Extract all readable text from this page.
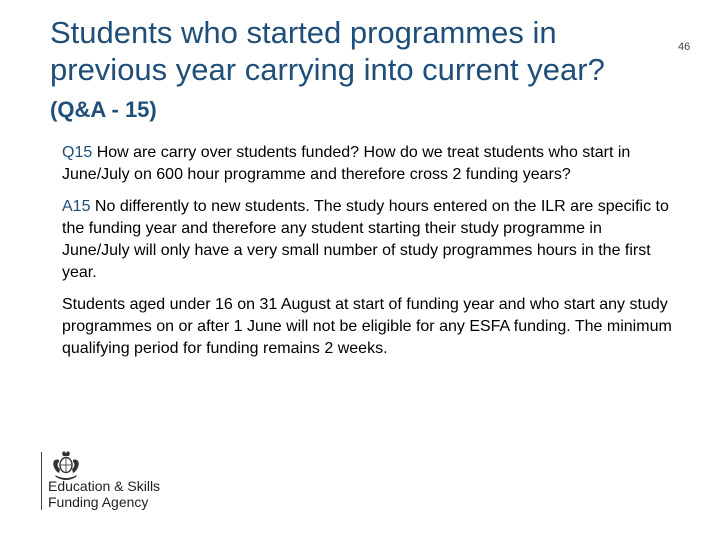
Students who started programmes in previous year carrying into current year? (Q&A - 15)
46

Q15 How are carry over students funded? How do we treat students who start in June/July on 600 hour programme and therefore cross 2 funding years?

A15 No differently to new students. The study hours entered on the ILR are specific to the funding year and therefore any student starting their study programme in June/July will only have a very small number of study programmes hours in the first year.

Students aged under 16 on 31 August at start of funding year and who start any study programmes on or after 1 June will not be eligible for any ESFA funding. The minimum qualifying period for funding remains 2 weeks.

Education & Skills
Funding Agency
